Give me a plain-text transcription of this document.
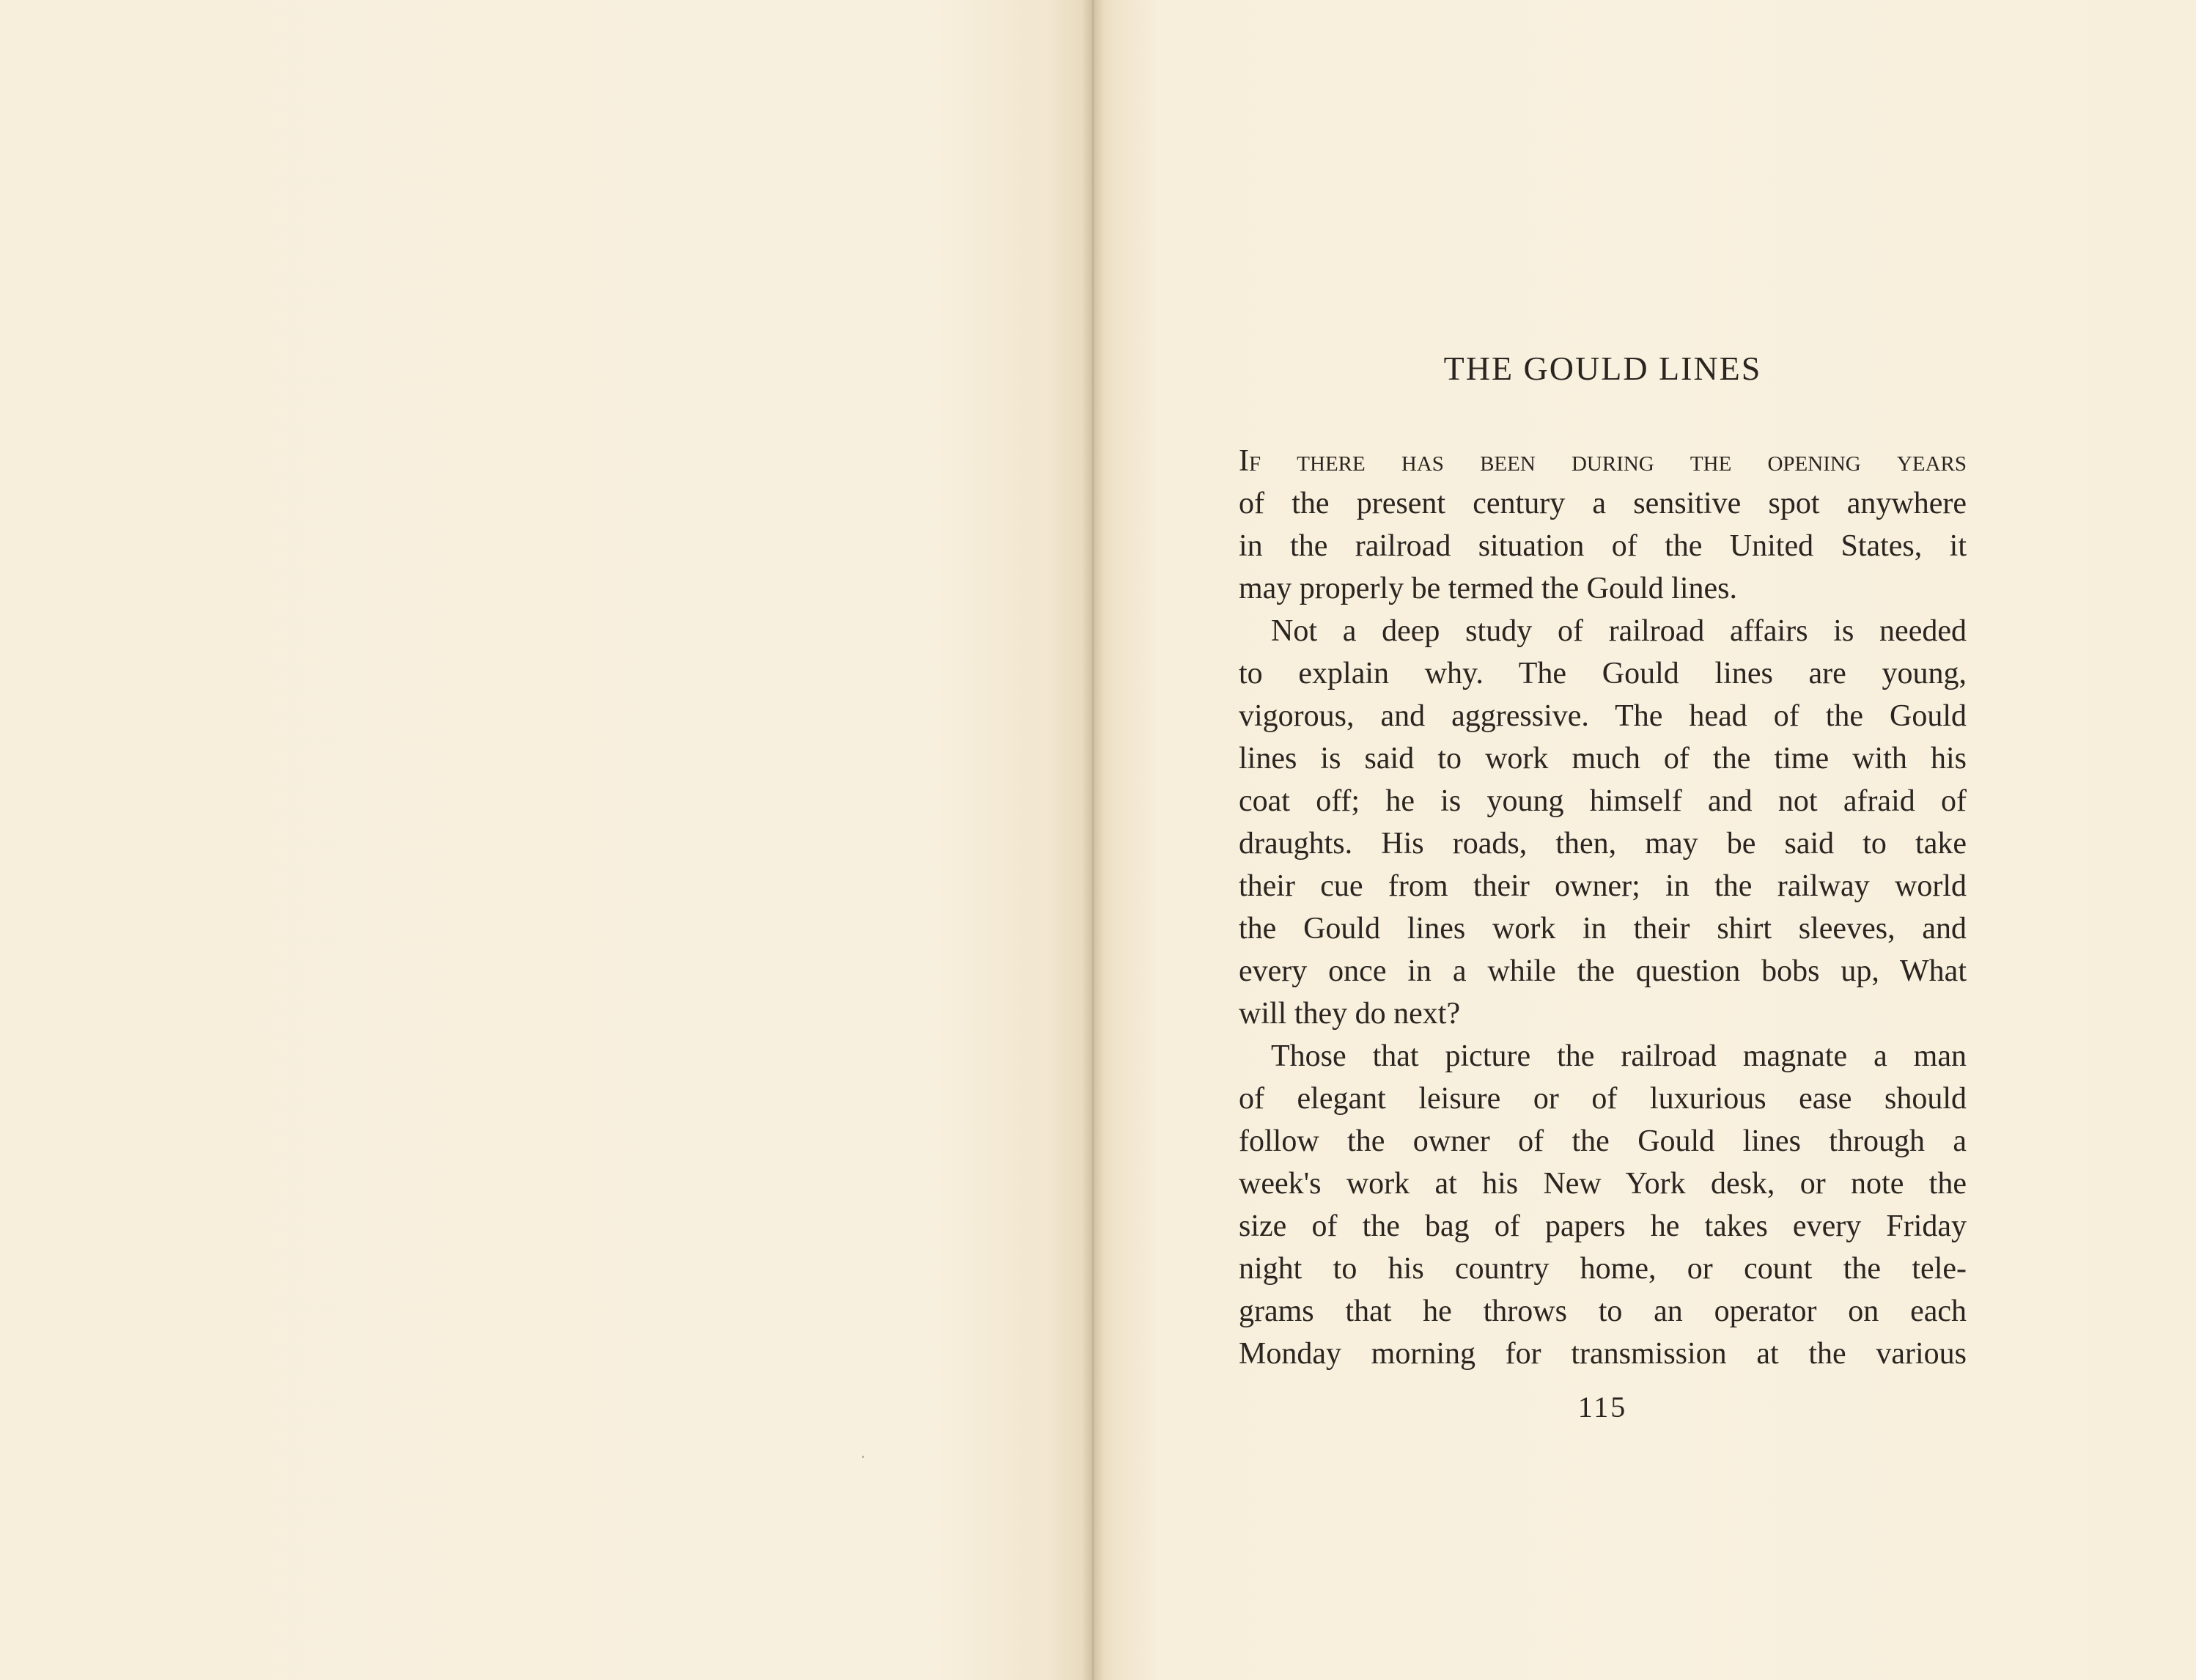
THE GOULD LINES
If there has been during the opening years
of the present century a sensitive spot anywhere
in the railroad situation of the United States, it
may properly be termed the Gould lines.
Not a deep study of railroad affairs is needed
to explain why. The Gould lines are young,
vigorous, and aggressive. The head of the Gould
lines is said to work much of the time with his
coat off; he is young himself and not afraid of
draughts. His roads, then, may be said to take
their cue from their owner; in the railway world
the Gould lines work in their shirt sleeves, and
every once in a while the question bobs up, What
will they do next?
Those that picture the railroad magnate a man
of elegant leisure or of luxurious ease should
follow the owner of the Gould lines through a
week's work at his New York desk, or note the
size of the bag of papers he takes every Friday
night to his country home, or count the tele-
grams that he throws to an operator on each
Monday morning for transmission at the various
115
